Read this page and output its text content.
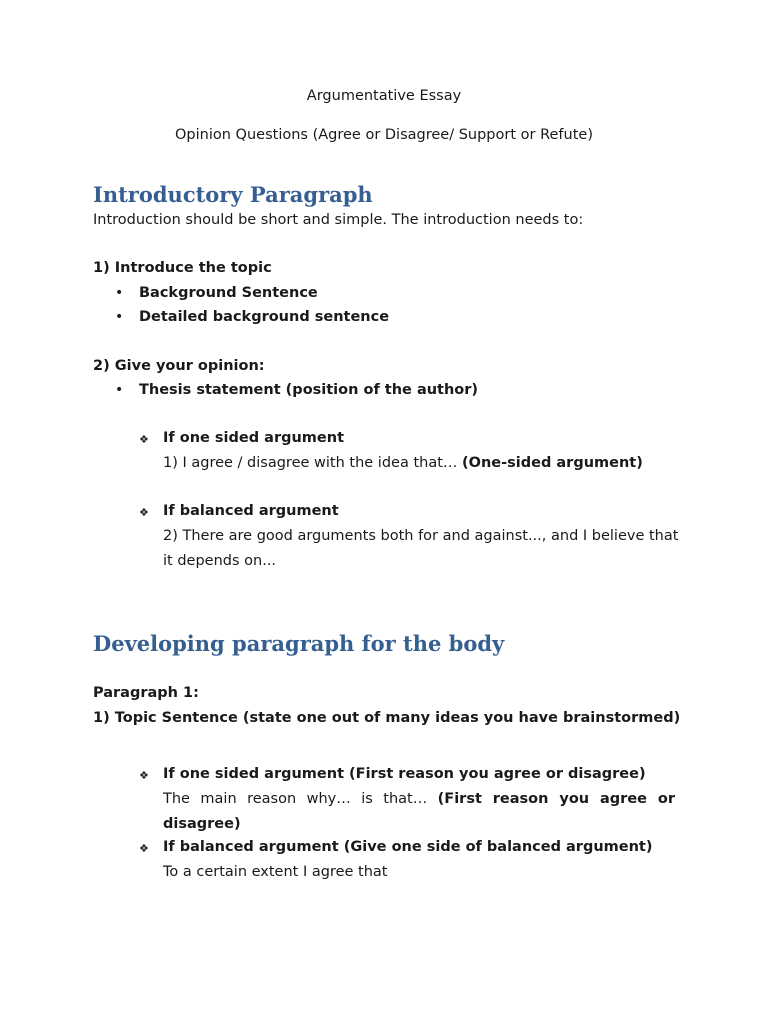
Argumentative Essay
Opinion Questions (Agree or Disagree/ Support or Refute)
Introductory Paragraph
Introduction should be short and simple. The introduction needs to:
1) Introduce the topic
• Background Sentence
• Detailed background sentence
2) Give your opinion:
• Thesis statement (position of the author)
❖ If one sided argument
1) I agree / disagree with the idea that… (One-sided argument)
❖ If balanced argument
2) There are good arguments both for and against..., and I believe that
it depends on...
Developing paragraph for the body
Paragraph 1:
1) Topic Sentence (state one out of many ideas you have brainstormed)
❖ If one sided argument (First reason you agree or disagree)
The main reason why… is that… (First reason you agree or
disagree)
❖ If balanced argument (Give one side of balanced argument)
To a certain extent I agree that
